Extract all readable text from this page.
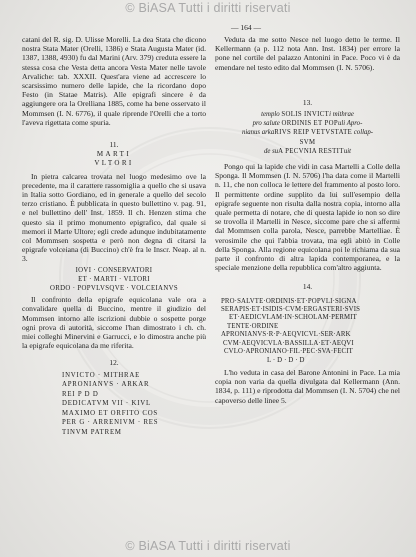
© BiASA Tutti i diritti riservati
— 164 —

catani del R. sig. D. Ulisse Morelli. La dea Stata che dicono nostra Stata Mater (Orelli, 1386) e Stata Augusta Mater (id. 1387, 1388, 4930) fu dal Marini (Arv. 379) creduta essere la stessa cosa che Vesta detta ancora Vesta Mater nelle tavole Arvaliche: tab. XXXII. Quest'ara viene ad accrescere lo scarsissimo numero delle lapide, che la ricordano dopo Festo (in Statae Matris). Alle epigrafi sincere è da aggiungere ora la Orelliana 1885, come ha bene osservato il Mommsen (I. N. 6776), il quale riprende l'Orelli che a torto l'aveva rigettata come spuria.

11.
MARTI
VLTORI

In pietra calcarea trovata nel luogo medesimo ove la precedente, ma il carattere rassomiglia a quello che si usava in Italia sotto Gordiano, ed in generale a quello del secolo terzo cristiano. È pubblicata in questo bullettino v. pag. 91, e nel bullettino dell' Inst. 1859. Il ch. Henzen stima che questo sia il primo monumento epigrafico, dal quale si memori il Marte Ultore; egli crede adunque indubitatamente col Mommsen sospetta e però non degna di citarsi la epigrafe volceiana (di Buccino) ch'è fra le Inscr. Neap. al n. 3.

IOVI · CONSERVATORI
ET · MARTI · VLTORI
ORDO · POPVLVSQVE · VOLCEIANVS

Il confronto della epigrafe equicolana vale ora a convalidare quella di Buccino, mentre il giudizio del Mommsen intorno alle iscrizioni dubbie o sospette porge ogni prova di autorità, siccome l'han dimostrato i ch. ch. miei colleghi Minervini e Garrucci, e lo dimostra anche più la epigrafe equicolana da me riferita.

12.
INVICTO · MITHRAE
APRONIANVS · ARKAR
REI P D D
DEDICATVM VII · KIVL
MAXIMO ET ORFITO COS
PER G · ARRENIVM · RES
TINVM PATREM

Veduta da me sotto Nesce nel luogo detto le terme. Il Kellermann (a p. 112 nota Ann. Inst. 1834) per errore la pone nel cortile del palazzo Antonini in Pace. Poco vi è da emendare nel testo edito dal Mommsen (I. N. 5706).

13.
templo SOLIS INVICTi mithrae
pro salute ORDINIS ET POPuli Apro-
nianus arkaRIVS REIP VETVSTATE collap-
SVM
de suA PECVNIA RESTITuit

Pongo qui la lapide che vidi in casa Martelli a Colle della Sponga. Il Mommsen (I. N. 5706) l'ha data come il Martelli n. 11, che non colloca le lettere del frammento al posto loro. Il permittente ordine supplito da lui sull'esempio della epigrafe seguente non risulta dalla nostra copia, intorno alla quale permetta di notare, che di questa lapide io non so dire se trovolla il Martelli in Nesce, siccome pare che si affermi dal Mommsen colla parola, Nesce, parrebbe Martelliae. È verosimile che qui l'abbia trovata, ma egli abitò in Colle della Sponga. Alla regione equicolana poi le richiama da sua parte il confronto di altra lapida contemporanea, e la speciale menzione della repubblica com'altro aggiunta.

14.
PRO·SALVTE·ORDINIS·ET·POPVLI·SIGNA
SERAPIS·ET·ISIDIS·CVM·ERGASTERI·SVIS
ET·AEDICVLAM·IN·SCHOLAM·PERMIT
TENTE·ORDINE
APRONIANVS·R·P·AEQVICVL·SER·ARK
CVM·AEQVICVLA·BASSILLA·ET·AEQVI
CVLO·APRONIANO·FIL·PEC·SVA·FECIT
L · D · D · D

L'ho veduta in casa del Barone Antonini in Pace. La mia copia non varia da quella divulgata dal Kellermann (Ann. 1834, p. 111) e riprodotta dal Mommsen (I. N. 5704) che nel capoverso delle linee 5.

© BiASA Tutti i diritti riservati
